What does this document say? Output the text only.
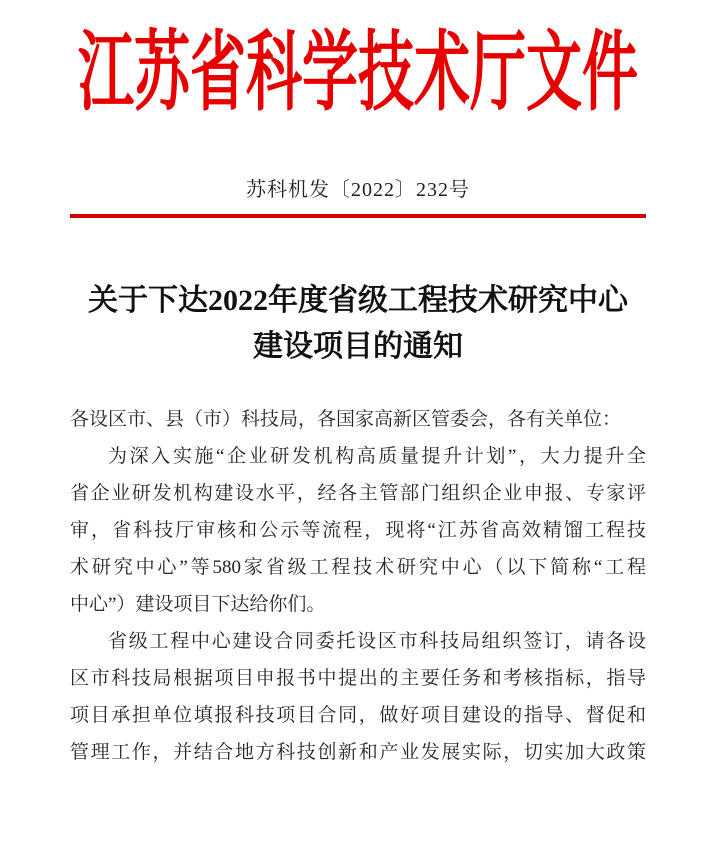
江苏省科学技术厅文件
苏科机发〔2022〕232号
关于下达2022年度省级工程技术研究中心
建设项目的通知
各设区市、县（市）科技局，各国家高新区管委会，各有关单位：
为深入实施“企业研发机构高质量提升计划”，大力提升全
省企业研发机构建设水平，经各主管部门组织企业申报、专家评
审，省科技厅审核和公示等流程，现将“江苏省高效精馏工程技
术研究中心”等580家省级工程技术研究中心（以下简称“工程
中心”）建设项目下达给你们。
省级工程中心建设合同委托设区市科技局组织签订，请各设
区市科技局根据项目申报书中提出的主要任务和考核指标，指导
项目承担单位填报科技项目合同，做好项目建设的指导、督促和
管理工作，并结合地方科技创新和产业发展实际，切实加大政策
